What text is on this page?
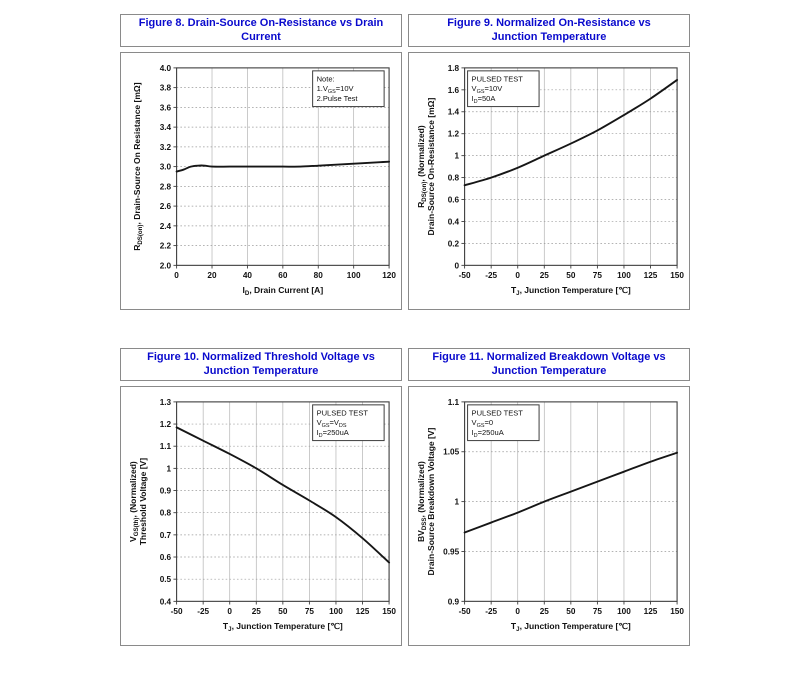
Figure 8. Drain-Source On-Resistance vs Drain Current
Figure 9. Normalized On-Resistance vs Junction Temperature
0	20	40	60	80	100	120
2.0
2.2
2.4
2.6
2.8
3.0
3.2
3.4
3.6
3.8
4.0
$I_D$, Drain Current [A]
$R_{DS(on)}$, Drain-Source On Resistance [mΩ]
Note:
$1.V_{GS}=10V$
2.Pulse Test
-50 -25 0 25 50 75 100 125 150
0
0.2
0.4
0.6
0.8
1
1.2
1.4
1.6
1.8
$T_J$, Junction Temperature [℃]
$R_{DS(on)}$, (Normalized) Drain-Source On-Resistance [mΩ]
PULSED TEST
$V_{GS}=10V$
$I_D=50A$
Figure 10. Normalized Threshold Voltage vs Junction Temperature
Figure 11. Normalized Breakdown Voltage vs Junction Temperature
-50 -25 0 25 50 75 100 125 150
0.4
0.5
0.6
0.7
0.8
0.9
1
1.1
1.2
1.3
$T_J$, Junction Temperature [℃]
$V_{GS(th)}$, (Normalized) Threshold Voltage [V]
PULSED TEST
$V_{GS}=V_{DS}$
$I_D=250uA$
-50 -25 0 25 50 75 100 125 150
0.9
0.95
1
1.05
1.1
$T_J$, Junction Temperature [℃]
$BV_{DSS}$, (Normalized) Drain-Source Breakdown Voltage [V]
PULSED TEST
$V_{GS}=0$
$I_D=250uA$
